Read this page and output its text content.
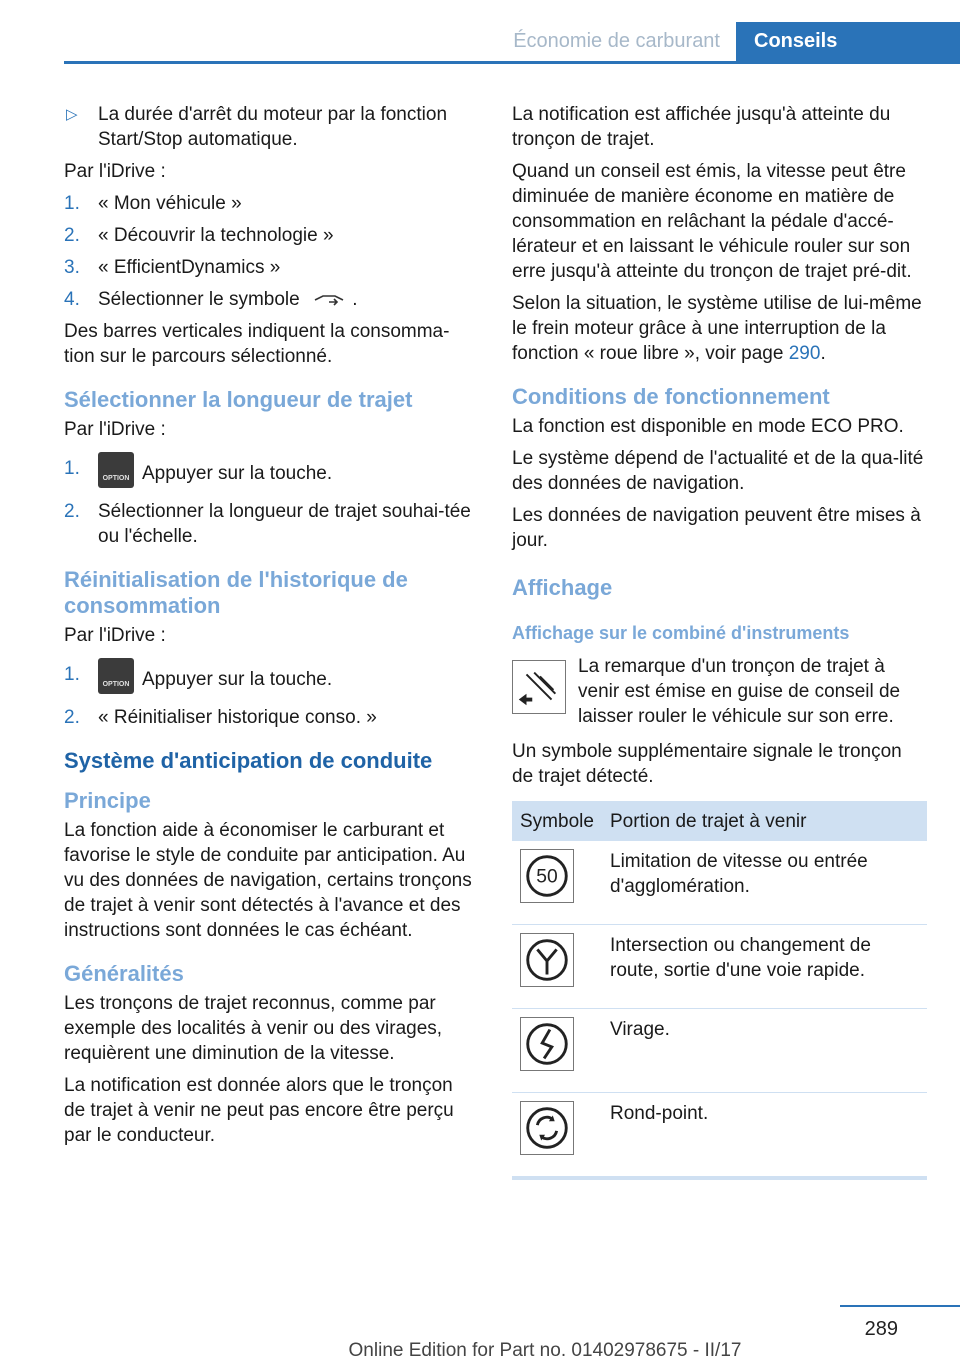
Économie de carburant Conseils
▷ La durée d'arrêt du moteur par la fonction Start/Stop automatique.

Par l'iDrive :

1. « Mon véhicule »
2. « Découvrir la technologie »
3. « EfficientDynamics »
4. Sélectionner le symbole  .

Des barres verticales indiquent la consomma-tion sur le parcours sélectionné.

Sélectionner la longueur de trajet

Par l'iDrive :

1.	OPTION Appuyer sur la touche.
2. Sélectionner la longueur de trajet souhai-tée ou l'échelle.
Réinitialisation de l'historique de consommation

Par l'iDrive :

1.	OPTION Appuyer sur la touche.
2. « Réinitialiser historique conso. »
Système d'anticipation de conduite
Principe

La fonction aide à économiser le carburant et favorise le style de conduite par anticipation. Au vu des données de navigation, certains tronçons de trajet à venir sont détectés à l'avance et des instructions sont données le cas échéant.

Généralités

Les tronçons de trajet reconnus, comme par exemple des localités à venir ou des virages, requièrent une diminution de la vitesse.

La notification est donnée alors que le tronçon de trajet à venir ne peut pas encore être perçu par le conducteur.

La notification est affichée jusqu'à atteinte du tronçon de trajet.

Quand un conseil est émis, la vitesse peut être diminuée de manière économe en matière de consommation en relâchant la pédale d'accé-lérateur et en laissant le véhicule rouler sur son erre jusqu'à atteinte du tronçon de trajet pré-dit.

Selon la situation, le système utilise de lui-même le frein moteur grâce à une interruption de la fonction « roue libre », voir page 290.

Conditions de fonctionnement

La fonction est disponible en mode ECO PRO.

Le système dépend de l'actualité et de la qua-lité des données de navigation.

Les données de navigation peuvent être mises à jour.

Affichage
Affichage sur le combiné d'instruments
La remarque d'un tronçon de trajet à venir est émise en guise de conseil de laisser rouler le véhicule sur son erre.

Un symbole supplémentaire signale le tronçon de trajet détecté.

Symbole	Portion de trajet à venir

50	Limitation de vitesse ou entrée d'agglomération.
	Intersection ou changement de route, sortie d'une voie rapide.
	Virage.
	Rond-point.
289
Online Edition for Part no. 01402978675 - II/17
